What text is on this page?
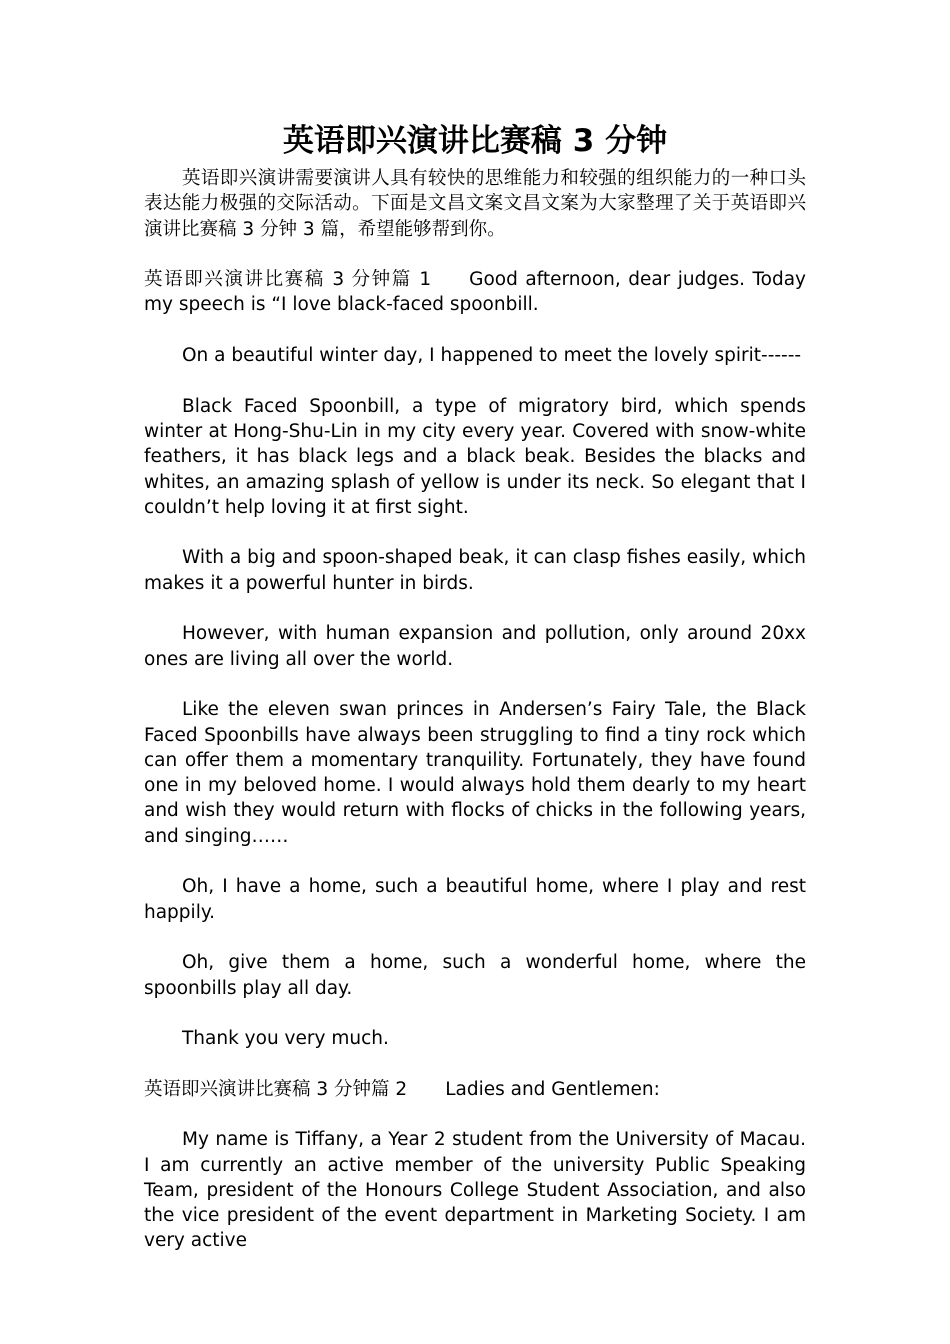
英语即兴演讲比赛稿 3 分钟

英语即兴演讲需要演讲人具有较快的思维能力和较强的组织能力的一种口头表达能力极强的交际活动。下面是文昌文案文昌文案为大家整理了关于英语即兴演讲比赛稿 3 分钟 3 篇，希望能够帮到你。

英语即兴演讲比赛稿 3 分钟篇 1 Good afternoon, dear judges. Today my speech is “I love black-faced spoonbill.

On a beautiful winter day, I happened to meet the lovely spirit------

Black Faced Spoonbill, a type of migratory bird, which spends winter at Hong-Shu-Lin in my city every year. Covered with snow-white feathers, it has black legs and a black beak. Besides the blacks and whites, an amazing splash of yellow is under its neck. So elegant that I couldn’t help loving it at first sight.

With a big and spoon-shaped beak, it can clasp fishes easily, which makes it a powerful hunter in birds.

However, with human expansion and pollution, only around 20xx ones are living all over the world.

Like the eleven swan princes in Andersen’s Fairy Tale, the Black Faced Spoonbills have always been struggling to find a tiny rock which can offer them a momentary tranquility. Fortunately, they have found one in my beloved home. I would always hold them dearly to my heart and wish they would return with flocks of chicks in the following years, and singing……

Oh, I have a home, such a beautiful home, where I play and rest happily.

Oh, give them a home, such a wonderful home, where the spoonbills play all day.

Thank you very much.

英语即兴演讲比赛稿 3 分钟篇 2 Ladies and Gentlemen:

My name is Tiffany, a Year 2 student from the University of Macau. I am currently an active member of the university Public Speaking Team, president of the Honours College Student Association, and also the vice president of the event department in Marketing Society. I am very active
